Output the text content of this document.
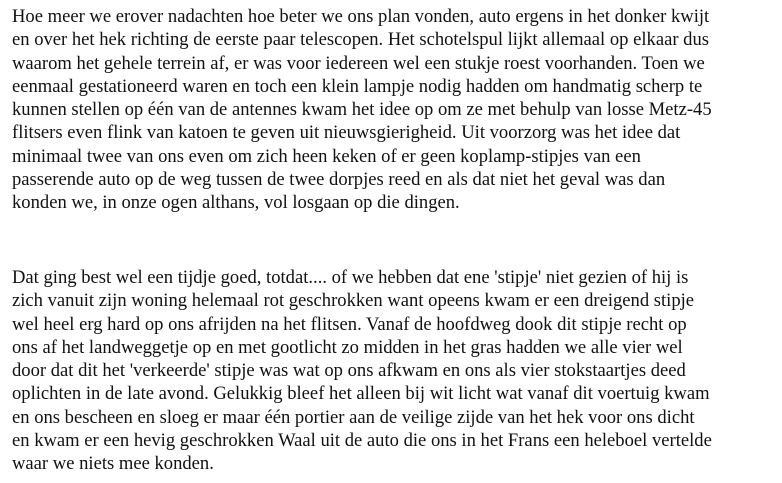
Hoe meer we erover nadachten hoe beter we ons plan vonden, auto ergens in het donker kwijt
en over het hek richting de eerste paar telescopen. Het schotelspul lijkt allemaal op elkaar dus
waarom het gehele terrein af, er was voor iedereen wel een stukje roest voorhanden. Toen we
eenmaal gestationeerd waren en toch een klein lampje nodig hadden om handmatig scherp te
kunnen stellen op één van de antennes kwam het idee op om ze met behulp van losse Metz-45
flitsers even flink van katoen te geven uit nieuwsgierigheid. Uit voorzorg was het idee dat
minimaal twee van ons even om zich heen keken of er geen koplamp-stipjes van een
passerende auto op de weg tussen de twee dorpjes reed en als dat niet het geval was dan
konden we, in onze ogen althans, vol losgaan op die dingen.
Dat ging best wel een tijdje goed, totdat.... of we hebben dat ene 'stipje' niet gezien of hij is
zich vanuit zijn woning helemaal rot geschrokken want opeens kwam er een dreigend stipje
wel heel erg hard op ons afrijden na het flitsen. Vanaf de hoofdweg dook dit stipje recht op
ons af het landweggetje op en met gootlicht zo midden in het gras hadden we alle vier wel
door dat dit het 'verkeerde' stipje was wat op ons afkwam en ons als vier stokstaartjes deed
oplichten in de late avond. Gelukkig bleef het alleen bij wit licht wat vanaf dit voertuig kwam
en ons bescheen en sloeg er maar één portier aan de veilige zijde van het hek voor ons dicht
en kwam er een hevig geschrokken Waal uit de auto die ons in het Frans een heleboel vertelde
waar we niets mee konden.
